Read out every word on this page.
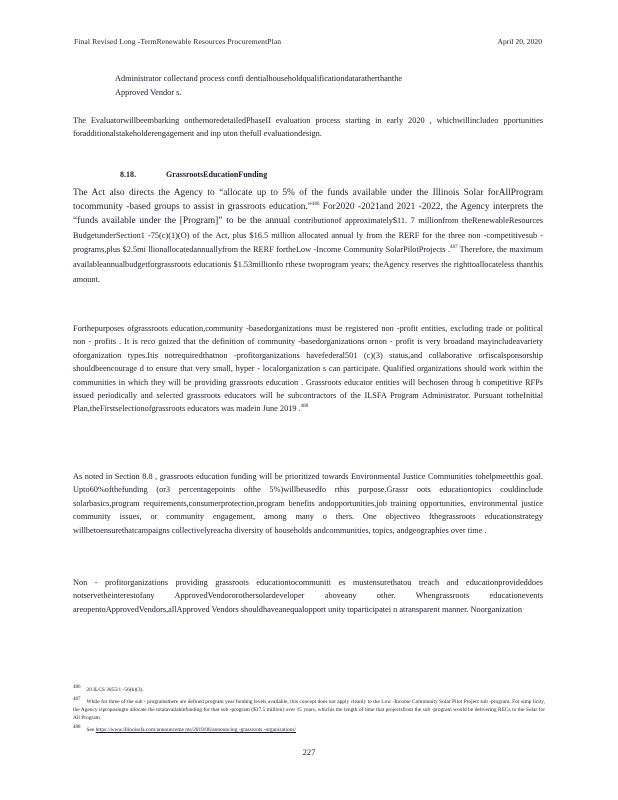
Final Revised Long -TermRenewable Resources ProcurementPlan	April 20, 2020
Administrator collectand process confi dentialhouseholdqualificationdataratherthanthe
Approved Vendor s.
The Evaluatorwillbeembarking onthemoredetailedPhaseII evaluation process starting in early 2020 , whichwillincludeo pportunities foradditionalstakeholderengagement and inp uton thefull evaluationdesign.
8.18.	GrassrootsEducationFunding
The Act also directs the Agency to “allocate up to 5% of the funds available under the Illinois Solar forAllProgram tocommunity -based groups to assist in grassroots education.”$^{486}$ For2020 -2021and 2021 -2022, the Agency interprets the “funds available under the [Program]” to be the annual contributionof approximately$11. 7 millionfrom theRenewableResources BudgetunderSection1 -75(c)(1)(O) of the Act, plus $16.5 million allocated annual ly from the RERF for the three non -competitivesub -programs,plus $2.5mi llionallocatedannuallyfrom the RERF fortheLow -Income Community SolarPilotProjects .$^{487}$ Therefore, the maximum availableannualbudgetforgrassroots educationis $1.53millionfo rthese twoprogram years; theAgency reserves the righttoallocateless thanthis amount.
Forthepurposes ofgrassroots education,community -basedorganizations must be registered non -profit entities, excluding trade or political non - profits . It is reco gnized that the definition of community -basedorganizations ornon - profit is very broadand mayincludeavariety oforganization types.Itis notrequiredthatnon -profitorganizations havefederal501 (c)(3) status,and collaborative orfiscalsponsorship shouldbeencourage d to ensure that very small, hyper - localorganization s can participate. Qualified organizations should work within the communities in which they will be providing grassroots education . Grassroots educator entities will bechosen throug h competitive RFPs issued periodically and selected grassroots educators will be subcontractors of the ILSFA Program Administrator. Pursuant totheInitial Plan,theFirstselectionofgrassroots educators was madein June 2019 .$^{488}$
As noted in Section 8.8 , grassroots education funding will be prioritized towards Environmental Justice Communities tohelpmeetthis goal. Upto60%ofthefunding (or3 percentagepoints ofthe 5%)willbeusedfo rthis purpose.Grassr oots educationtopics couldinclude solarbasics,program requirements,consumerprotection,program benefits andopportunities,job training opportunities, environmental justice community issues, or community engagement, among many o thers. One objectiveo fthegrassroots educationstrategy willbetoensurethatcampaigns collectivelyreacha diversity of households andcommunities, topics, andgeographies over time .
Non - profitorganizations providing grassroots educationtocommuniti es mustensurethatou treach and educationprovideddoes notservetheinterestofany ApprovedVendororothersolardeveloper aboveany other. Whengrassroots educationevents areopentoApprovedVendors,allApproved Vendors shouldhaveanequalopport unity toparticipatei n atransparent manner. Noorganization
$^{486}$ 20 ILCS 3855/1 -56(b)(3).
$^{487}$ While for three of the sub - programsthere are defined program year funding levels available, this concept does not apply cleanly to the Low -Income Community Solar Pilot Project sub -program. For simp licity, the Agency isproposingto allocate the totalavailablefunding for that sub -program ($37.5 million) over 15 years, whichis the length of time that projectsfrom the sub -program would be delivering RECs to the Solar for All Program
$^{488}$ See https://www.illinoissfa.com/announceme nts/2019/06/announcing -grassroots -organizations/
227
